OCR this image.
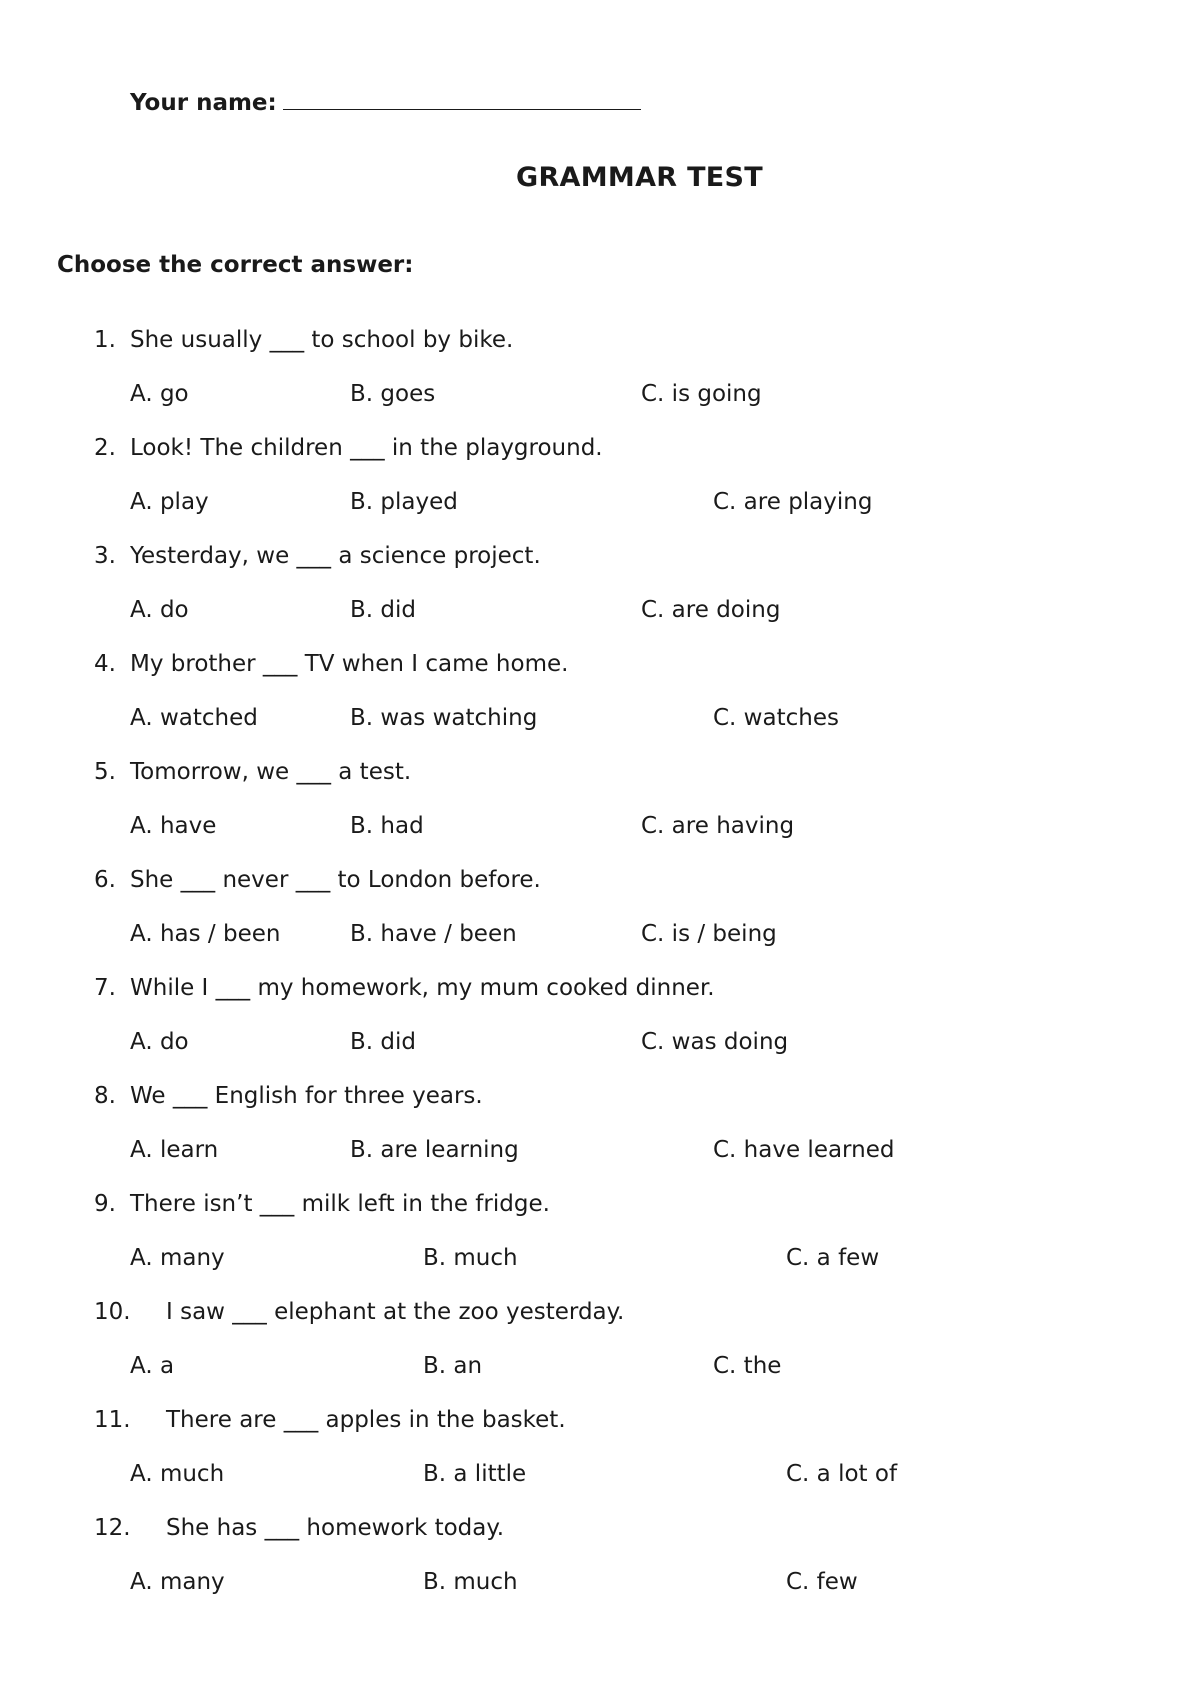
Your name:
GRAMMAR TEST
Choose the correct answer:
1. She usually ___ to school by bike.
A. go	B. goes	C. is going
2. Look! The children ___ in the playground.
A. play	B. played	C. are playing
3. Yesterday, we ___ a science project.
A. do	B. did	C. are doing
4. My brother ___ TV when I came home.
A. watched	B. was watching	C. watches
5. Tomorrow, we ___ a test.
A. have	B. had	C. are having
6. She ___ never ___ to London before.
A. has / been	B. have / been	C. is / being
7. While I ___ my homework, my mum cooked dinner.
A. do	B. did	C. was doing
8. We ___ English for three years.
A. learn	B. are learning	C. have learned
9. There isn’t ___ milk left in the fridge.
A. many	B. much	C. a few
10. I saw ___ elephant at the zoo yesterday.
A. a	B. an	C. the
11. There are ___ apples in the basket.
A. much	B. a little	C. a lot of
12. She has ___ homework today.
A. many	B. much	C. few
